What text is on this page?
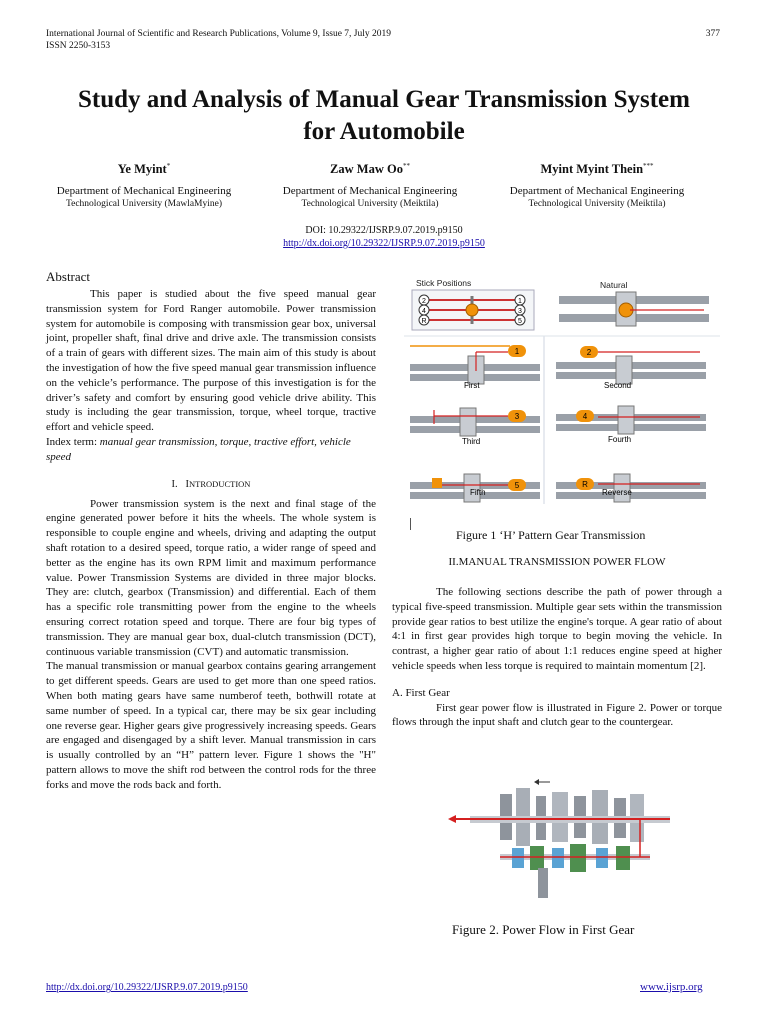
International Journal of Scientific and Research Publications, Volume 9, Issue 7, July 2019
ISSN 2250-3153
377
Study and Analysis of Manual Gear Transmission System
for Automobile
Ye Myint*
Department of Mechanical Engineering
Technological University (MawlaMyine)
Zaw Maw Oo**
Department of Mechanical Engineering
Technological University (Meiktila)
Myint Myint Thein***
Department of Mechanical Engineering
Technological University (Meiktila)
DOI: 10.29322/IJSRP.9.07.2019.p9150
http://dx.doi.org/10.29322/IJSRP.9.07.2019.p9150
Abstract

This paper is studied about the five speed manual gear transmission system for Ford Ranger automobile. Power transmission system for automobile is composing with transmission gear box, universal joint, propeller shaft, final drive and drive axle. The transmission consists of a train of gears with different sizes. The main aim of this study is about the investigation of how the five speed manual gear transmission influence on the vehicle’s performance. The purpose of this investigation is for the driver’s safety and comfort by ensuring good vehicle drive ability. This study is including the gear transmission, torque, wheel torque, tractive effort and vehicle speed.

Index term: manual gear transmission, torque, tractive effort, vehicle speed

I. INTRODUCTION

Power transmission system is the next and final stage of the engine generated power before it hits the wheels. The whole system is responsible to couple engine and wheels, driving and adapting the output shaft rotation to a desired speed, torque ratio, a wider range of speed and better as the engine has its own RPM limit and maximum performance value. Power Transmission Systems are divided in three major blocks. They are: clutch, gearbox (Transmission) and differential. Each of them has a specific role transmitting power from the engine to the wheels ensuring correct rotation speed and torque. There are four big types of transmission. They are manual gear box, dual-clutch transmission (DCT), continuous variable transmission (CVT) and automatic transmission.

The manual transmission or manual gearbox contains gearing arrangement to get different speeds. Gears are used to get more than one speed ratios. When both mating gears have same numberof teeth, bothwill rotate at same number of speed. In a typical car, there may be six gear including one reverse gear. Higher gears give progressively increasing speeds. Gears are engaged and disengaged by a shift lever. Manual transmission in cars is usually controlled by an “H” pattern lever. Figure 1 shows the "H" pattern allows to move the shift rod between the control rods for the three forks and move the rods back and forth.

Stick Positions
2
4
R
1
3
5
Natural
1
First
2
Second
3
Third
4
Fourth
5
Fifth
R
Reverse
Figure 1 ‘H’ Pattern Gear Transmission
II.MANUAL TRANSMISSION POWER FLOW

The following sections describe the path of power through a typical five-speed transmission. Multiple gear sets within the transmission provide gear ratios to best utilize the engine's torque. A gear ratio of about 4:1 in first gear provides high torque to begin moving the vehicle. In contrast, a higher gear ratio of about 1:1 reduces engine speed at higher vehicle speeds when less torque is required to maintain momentum [2].

A. First Gear

First gear power flow is illustrated in Figure 2. Power or torque flows through the input shaft and clutch gear to the countergear.

Figure 2. Power Flow in First Gear
http://dx.doi.org/10.29322/IJSRP.9.07.2019.p9150	www.ijsrp.org
